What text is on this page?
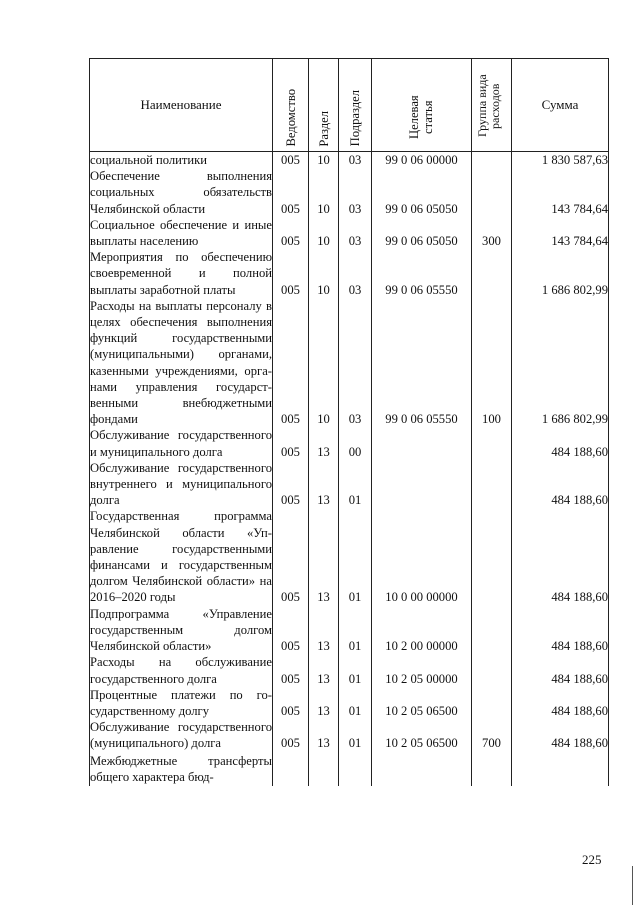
Наименование	Ведомство	Раздел	Подраздел	Целевая статья	Группа вида расходов	Сумма
социальной политики	005	10	03	99 0 06 00000		1 830 587,63
Обеспечение выполнения социальных обязательств Челябинской области	005	10	03	99 0 06 05050		143 784,64
Социальное обеспечение и иные выплаты населению	005	10	03	99 0 06 05050	300	143 784,64
Мероприятия по обеспечению своевременной и полной выплаты заработной платы	005	10	03	99 0 06 05550		1 686 802,99
Расходы на выплаты персоналу в целях обеспечения выполнения функций государственными (муниципальными) органами, казенными учреждениями, органами управления государственными внебюджетными фондами	005	10	03	99 0 06 05550	100	1 686 802,99
Обслуживание государственного и муниципального долга	005	13	00			484 188,60
Обслуживание государственного внутреннего и муниципального долга	005	13	01			484 188,60
Государственная программа Челябинской области «Управление государственными финансами и государственным долгом Челябинской области» на 2016–2020 годы	005	13	01	10 0 00 00000		484 188,60
Подпрограмма «Управление государственным долгом Челябинской области»	005	13	01	10 2 00 00000		484 188,60
Расходы на обслуживание государственного долга	005	13	01	10 2 05 00000		484 188,60
Процентные платежи по государственному долгу	005	13	01	10 2 05 06500		484 188,60
Обслуживание государственного (муниципального) долга	005	13	01	10 2 05 06500	700	484 188,60
Межбюджетные трансферты общего характера бюд-						
225
